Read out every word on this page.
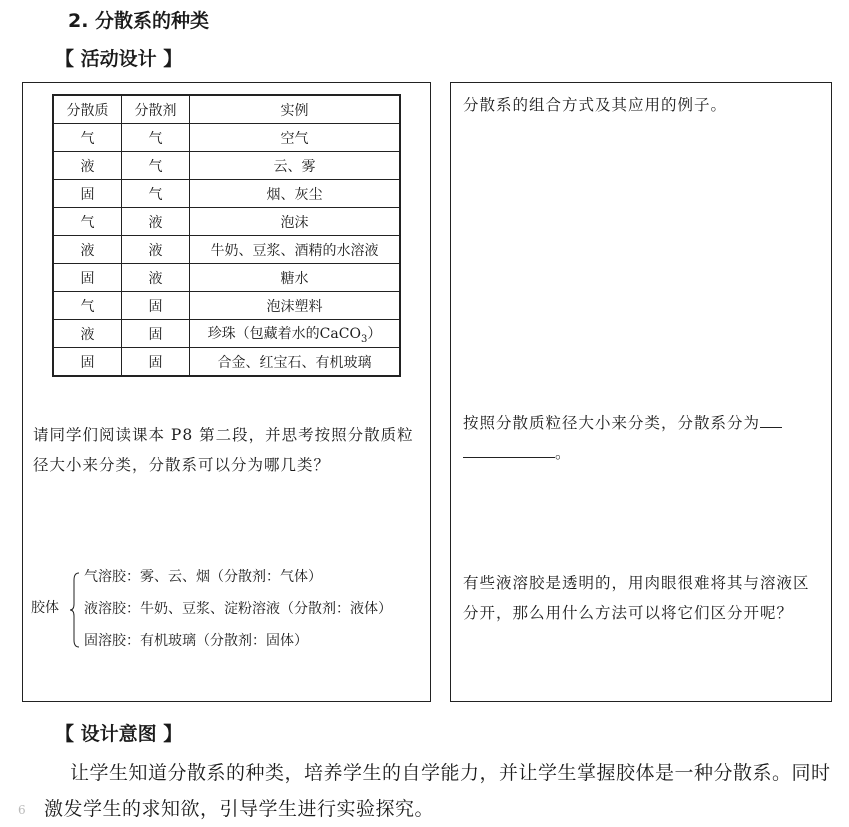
2. 分散系的种类
【 活动设计 】
分散质	分散剂	实例
气	气	空气
液	气	云、雾
固	气	烟、灰尘
气	液	泡沫
液	液	牛奶、豆浆、酒精的水溶液
固	液	糖水
气	固	泡沫塑料
液	固	珍珠（包藏着水的CaCO$_3$）
固	固	合金、红宝石、有机玻璃
请同学们阅读课本 P8 第二段，并思考按照分散质粒径大小来分类，分散系可以分为哪几类？
胶体
气溶胶：雾、云、烟（分散剂：气体）
液溶胶：牛奶、豆浆、淀粉溶液（分散剂：液体）
固溶胶：有机玻璃（分散剂：固体）
分散系的组合方式及其应用的例子。
按照分散质粒径大小来分类，分散系分为
。
有些液溶胶是透明的，用肉眼很难将其与溶液区分开，那么用什么方法可以将它们区分开呢？
【 设计意图 】
让学生知道分散系的种类，培养学生的自学能力，并让学生掌握胶体是一种分散系。同时激发学生的求知欲，引导学生进行实验探究。
6
